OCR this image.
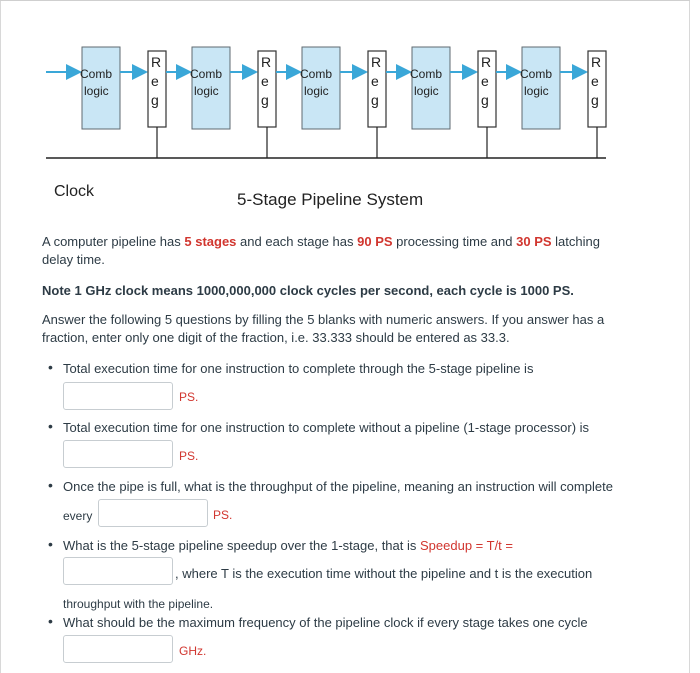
Comb
logic
R
e
g
Comb
logic
R
e
g
Comb
logic
R
e
g
Comb
logic
R
e
g
Comb
logic
R
e
g
Clock	5-Stage Pipeline System
A computer pipeline has 5 stages and each stage has 90 PS processing time and 30 PS latching
delay time.
Note 1 GHz clock means 1000,000,000 clock cycles per second, each cycle is 1000 PS.
Answer the following 5 questions by filling the 5 blanks with numeric answers. If you answer has a
fraction, enter only one digit of the fraction, i.e. 33.333 should be entered as 33.3.
• Total execution time for one instruction to complete through the 5-stage pipeline is
PS.
• Total execution time for one instruction to complete without a pipeline (1-stage processor) is
PS.
• Once the pipe is full, what is the throughput of the pipeline, meaning an instruction will complete
every	PS.
• What is the 5-stage pipeline speedup over the 1-stage, that is Speedup = T/t =
, where T is the execution time without the pipeline and t is the execution
throughput with the pipeline.
• What should be the maximum frequency of the pipeline clock if every stage takes one cycle
GHz.
